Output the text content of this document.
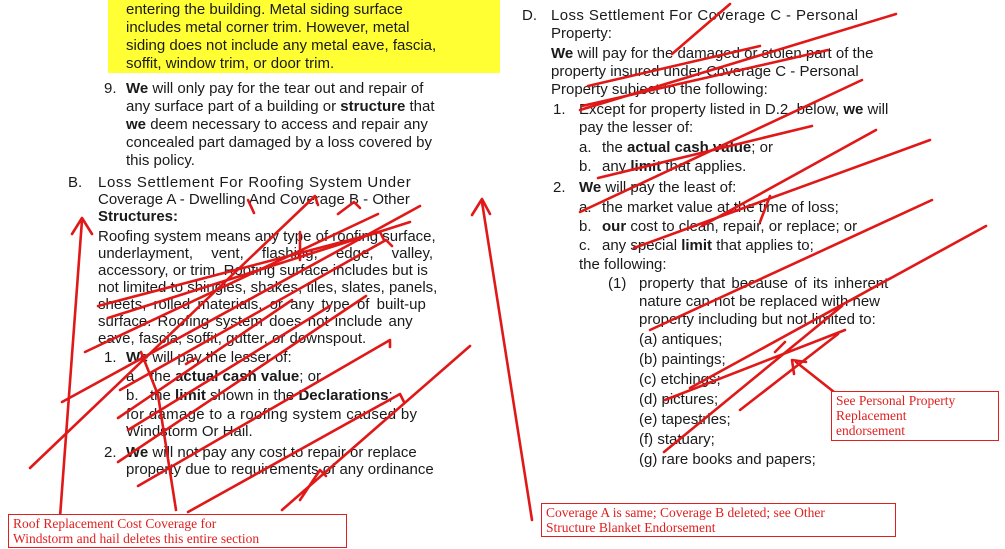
entering the building. Metal siding surface
includes metal corner trim. However, metal
siding does not include any metal eave, fascia,
soffit, window trim, or door trim.
9. We will only pay for the tear out and repair of
any surface part of a building or structure that
we deem necessary to access and repair any
concealed part damaged by a loss covered by
this policy.
B. Loss Settlement For Roofing System Under
Coverage A - Dwelling And Coverage B - Other
Structures:
Roofing system means any type of roofing surface,
underlayment, vent, flashing, edge, valley,
accessory, or trim. Roofing surface includes but is
not limited to shingles, shakes, tiles, slates, panels,
sheets, rolled materials, or any type of built-up
surface. Roofing system does not include any
eave, fascia, soffit, gutter, or downspout.
1. We will pay the lesser of:
a. the actual cash value; or
b. the limit shown in the Declarations;
for damage to a roofing system caused by
Windstorm Or Hail.
2. We will not pay any cost to repair or replace
property due to requirements of any ordinance
D. Loss Settlement For Coverage C - Personal
Property:
We will pay for the damaged or stolen part of the
property insured under Coverage C - Personal
Property subject to the following:
1. Except for property listed in D.2. below, we will
pay the lesser of:
a. the actual cash value; or
b. any limit that applies.
2. We will pay the least of:
a. the market value at the time of loss;
b. our cost to clean, repair, or replace; or
c. any special limit that applies to;
the following:
(1) property that because of its inherent
nature can not be replaced with new
property including but not limited to:
(a) antiques;
(b) paintings;
(c) etchings;
(d) pictures;
(e) tapestries;
(f) statuary;
(g) rare books and papers;
Roof Replacement Cost Coverage for
Windstorm and hail deletes this entire section
Coverage A is same; Coverage B deleted; see Other
Structure Blanket Endorsement
See Personal Property
Replacement
endorsement
